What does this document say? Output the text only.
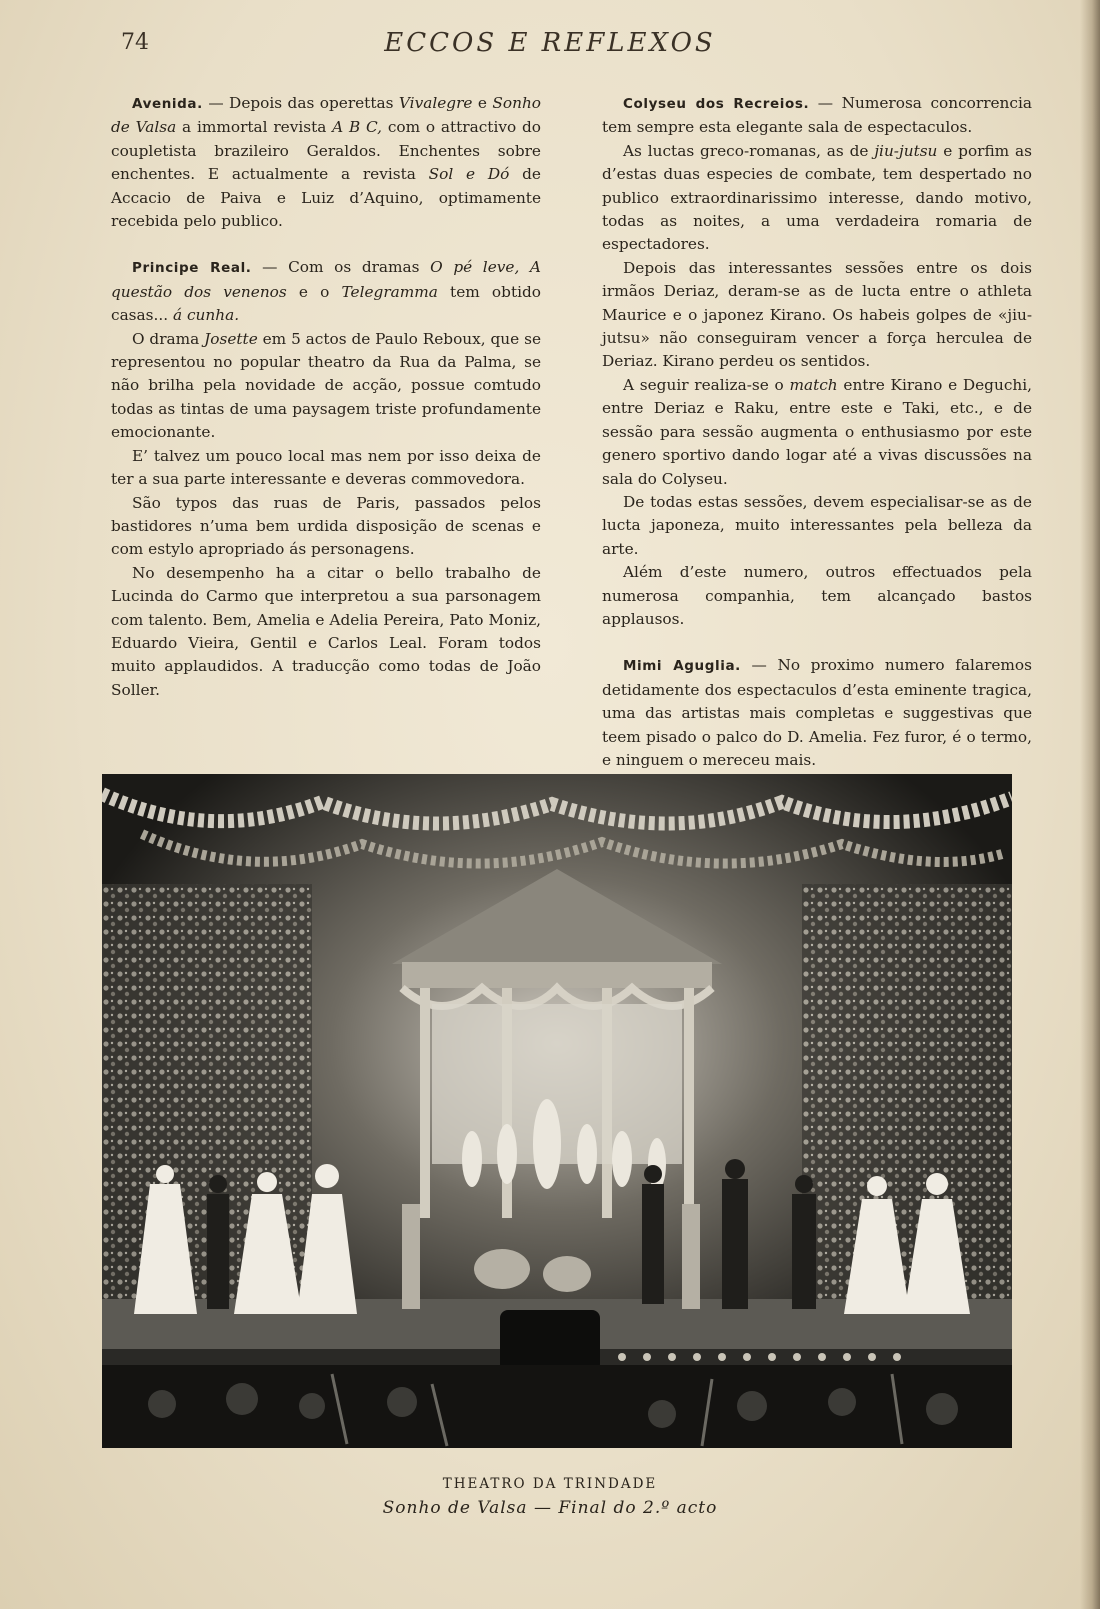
74	ECCOS E REFLEXOS

Avenida. — Depois das operettas Vivalegre e Sonho de Valsa a immortal revista A B C, com o attractivo do coupletista brazileiro Geraldos. Enchentes sobre enchentes. E actualmente a revista Sol e Dó de Accacio de Paiva e Luiz d’Aquino, optimamente recebida pelo publico.

Principe Real. — Com os dramas O pé leve, A questão dos venenos e o Telegramma tem obtido casas... á cunha.

O drama Josette em 5 actos de Paulo Reboux, que se representou no popular theatro da Rua da Palma, se não brilha pela novidade de acção, possue comtudo todas as tintas de uma paysagem triste profundamente emocionante.

E’ talvez um pouco local mas nem por isso deixa de ter a sua parte interessante e deveras commovedora.

São typos das ruas de Paris, passados pelos bastidores n’uma bem urdida disposição de scenas e com estylo apropriado ás personagens.

No desempenho ha a citar o bello trabalho de Lucinda do Carmo que interpretou a sua parsonagem com talento. Bem, Amelia e Adelia Pereira, Pato Moniz, Eduardo Vieira, Gentil e Carlos Leal. Foram todos muito applaudidos. A traducção como todas de João Soller.

Colyseu dos Recreios. — Numerosa concorrencia tem sempre esta elegante sala de espectaculos.

As luctas greco-romanas, as de jiu-jutsu e porfim as d’estas duas especies de combate, tem despertado no publico extraordinarissimo interesse, dando motivo, todas as noites, a uma verdadeira romaria de espectadores.

Depois das interessantes sessões entre os dois irmãos Deriaz, deram-se as de lucta entre o athleta Maurice e o japonez Kirano. Os habeis golpes de «jiu-jutsu» não conseguiram vencer a força herculea de Deriaz. Kirano perdeu os sentidos.

A seguir realiza-se o match entre Kirano e Deguchi, entre Deriaz e Raku, entre este e Taki, etc., e de sessão para sessão augmenta o enthusiasmo por este genero sportivo dando logar até a vivas discussões na sala do Colyseu.

De todas estas sessões, devem especialisar-se as de lucta japoneza, muito interessantes pela belleza da arte.

Além d’este numero, outros effectuados pela numerosa companhia, tem alcançado bastos applausos.

Mimi Aguglia. — No proximo numero falaremos detidamente dos espectaculos d’esta eminente tragica, uma das artistas mais completas e suggestivas que teem pisado o palco do D. Amelia. Fez furor, é o termo, e ninguem o mereceu mais.

THEATRO DA TRINDADE
Sonho de Valsa — Final do 2.º acto
